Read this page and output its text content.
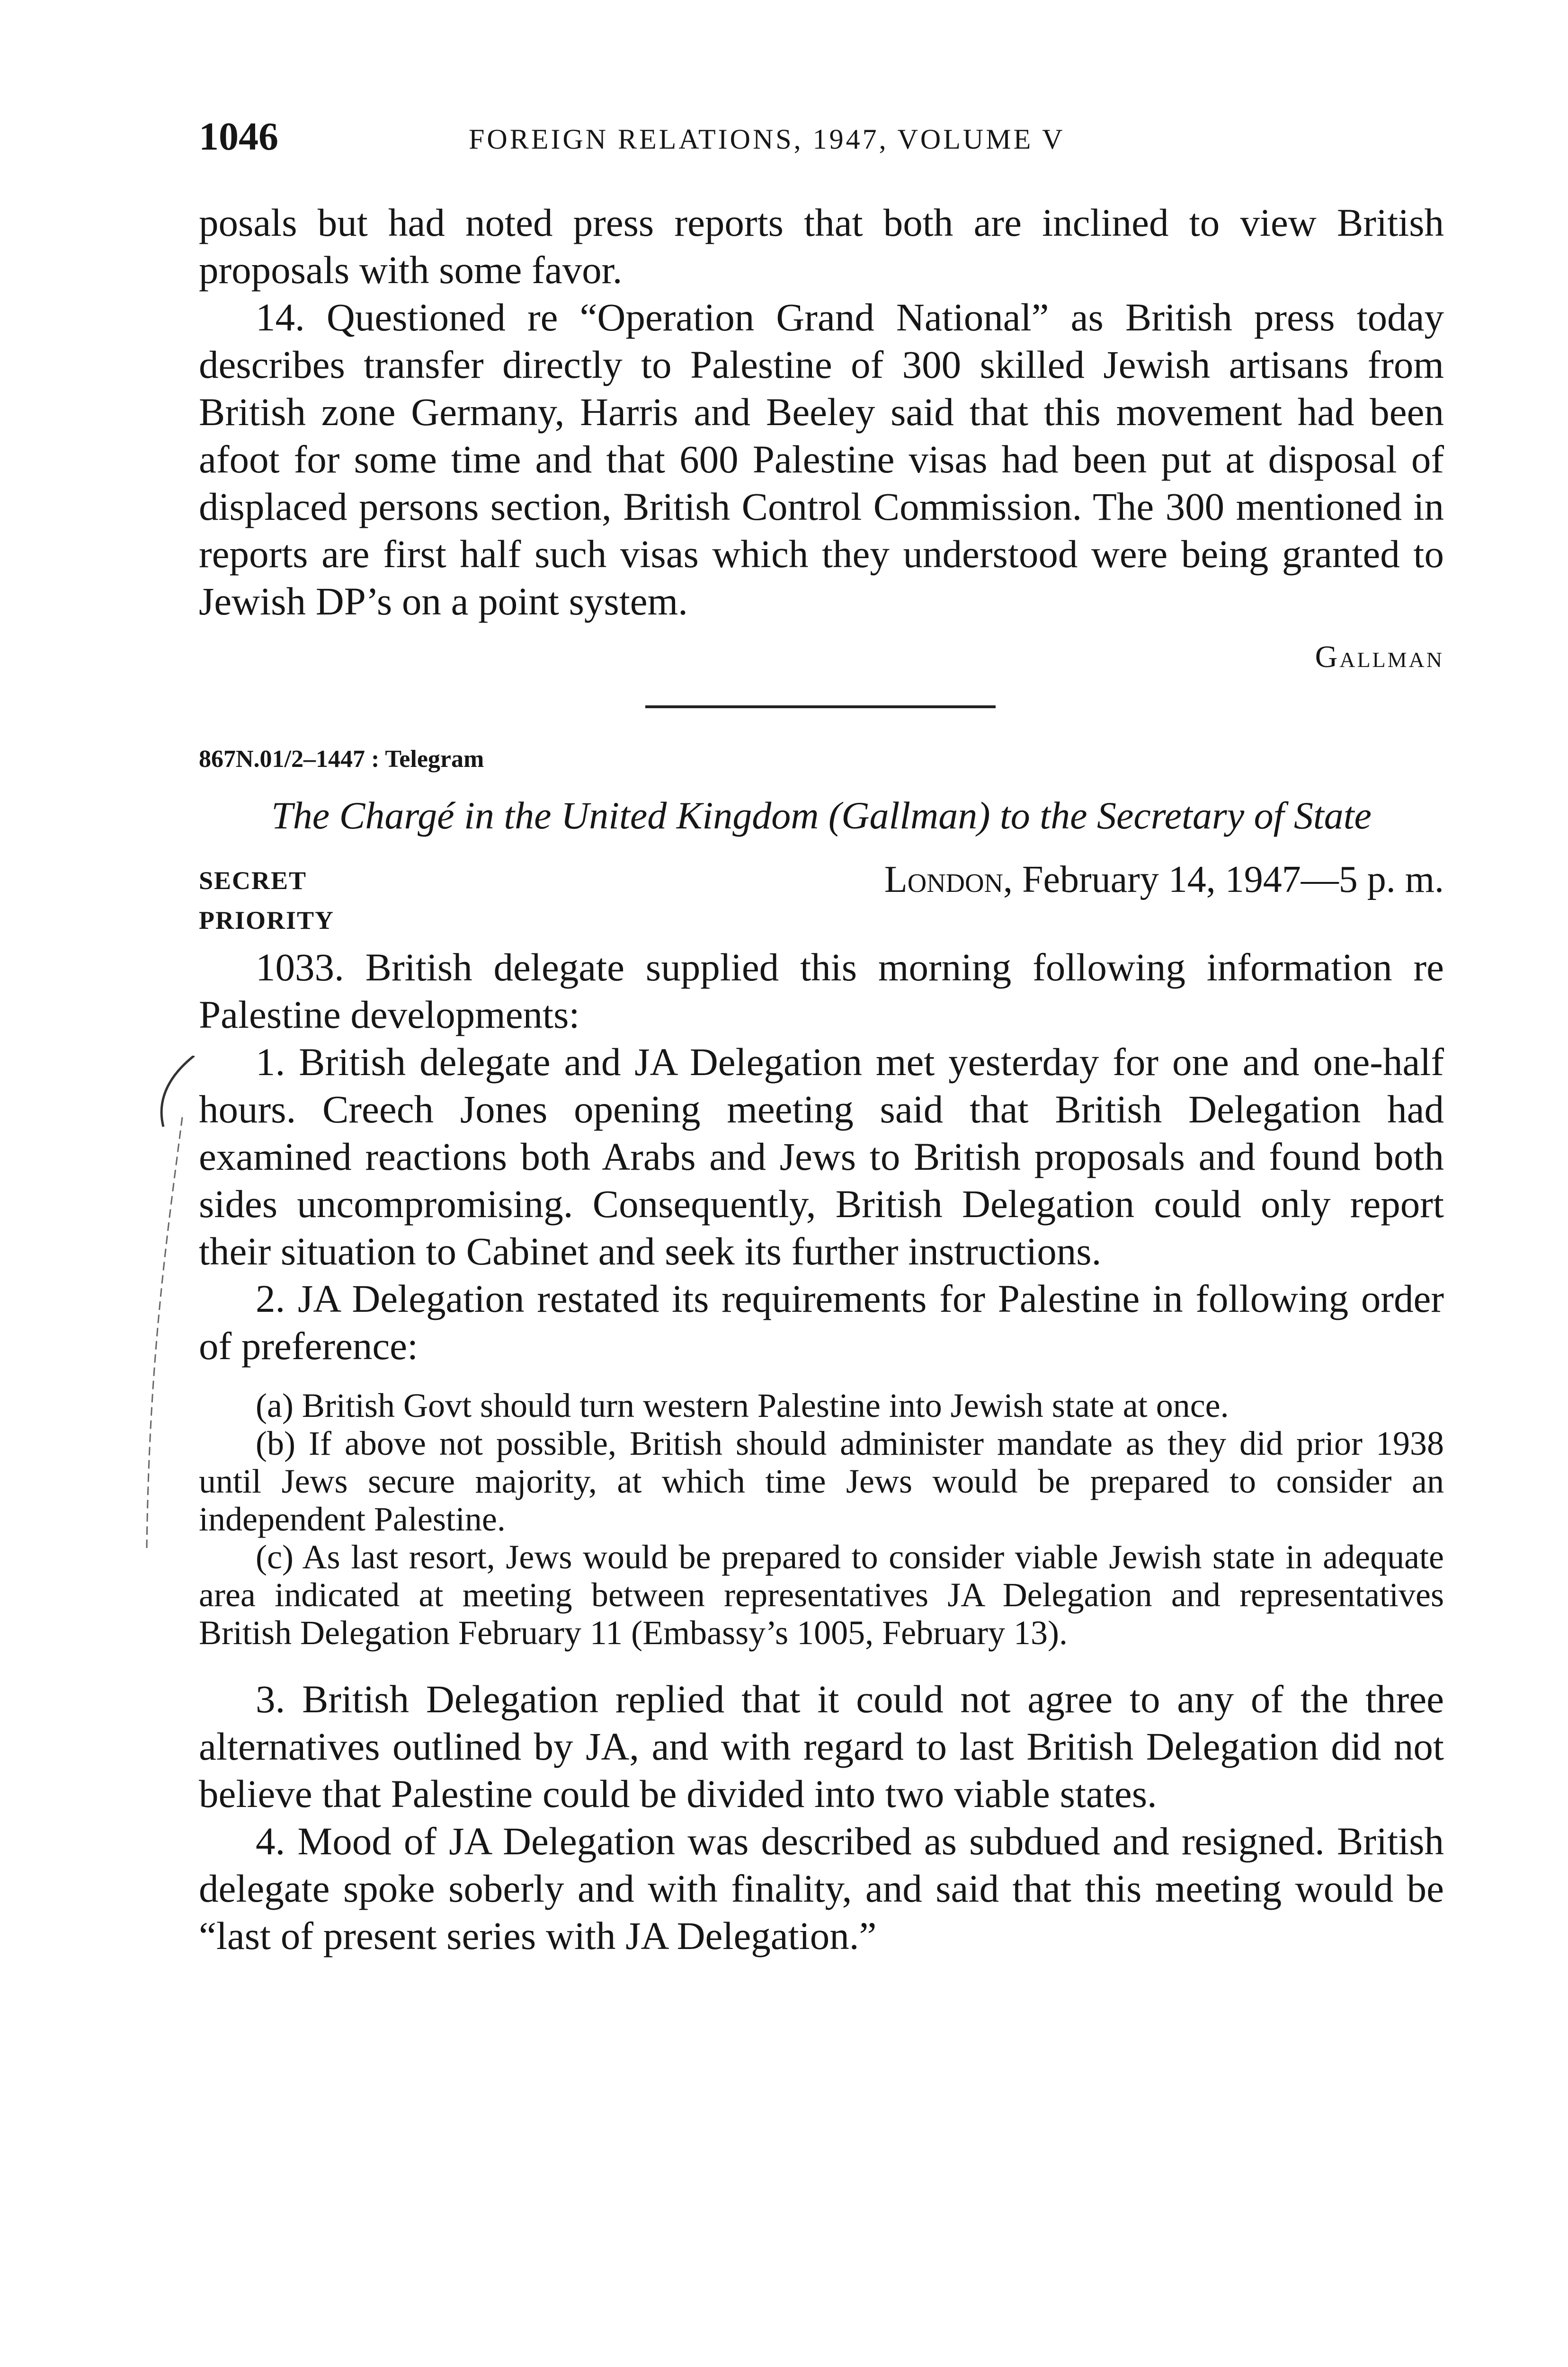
1046	FOREIGN RELATIONS, 1947, VOLUME V

posals but had noted press reports that both are inclined to view British proposals with some favor.

14. Questioned re “Operation Grand National” as British press today describes transfer directly to Palestine of 300 skilled Jewish artisans from British zone Germany, Harris and Beeley said that this movement had been afoot for some time and that 600 Palestine visas had been put at disposal of displaced persons section, British Control Commission. The 300 mentioned in reports are first half such visas which they understood were being granted to Jewish DP’s on a point system.

Gallman
867N.01/2–1447 : Telegram
The Chargé in the United Kingdom (Gallman) to the Secretary of State
SECRET	London, February 14, 1947—5 p. m.
PRIORITY

1033. British delegate supplied this morning following information re Palestine developments:

1. British delegate and JA Delegation met yesterday for one and one-half hours. Creech Jones opening meeting said that British Delegation had examined reactions both Arabs and Jews to British proposals and found both sides uncompromising. Consequently, British Delegation could only report their situation to Cabinet and seek its further instructions.

2. JA Delegation restated its requirements for Palestine in following order of preference:

(a) British Govt should turn western Palestine into Jewish state at once.

(b) If above not possible, British should administer mandate as they did prior 1938 until Jews secure majority, at which time Jews would be prepared to consider an independent Palestine.

(c) As last resort, Jews would be prepared to consider viable Jewish state in adequate area indicated at meeting between representatives JA Delegation and representatives British Delegation February 11 (Embassy’s 1005, February 13).

3. British Delegation replied that it could not agree to any of the three alternatives outlined by JA, and with regard to last British Delegation did not believe that Palestine could be divided into two viable states.

4. Mood of JA Delegation was described as subdued and resigned. British delegate spoke soberly and with finality, and said that this meeting would be “last of present series with JA Delegation.”
